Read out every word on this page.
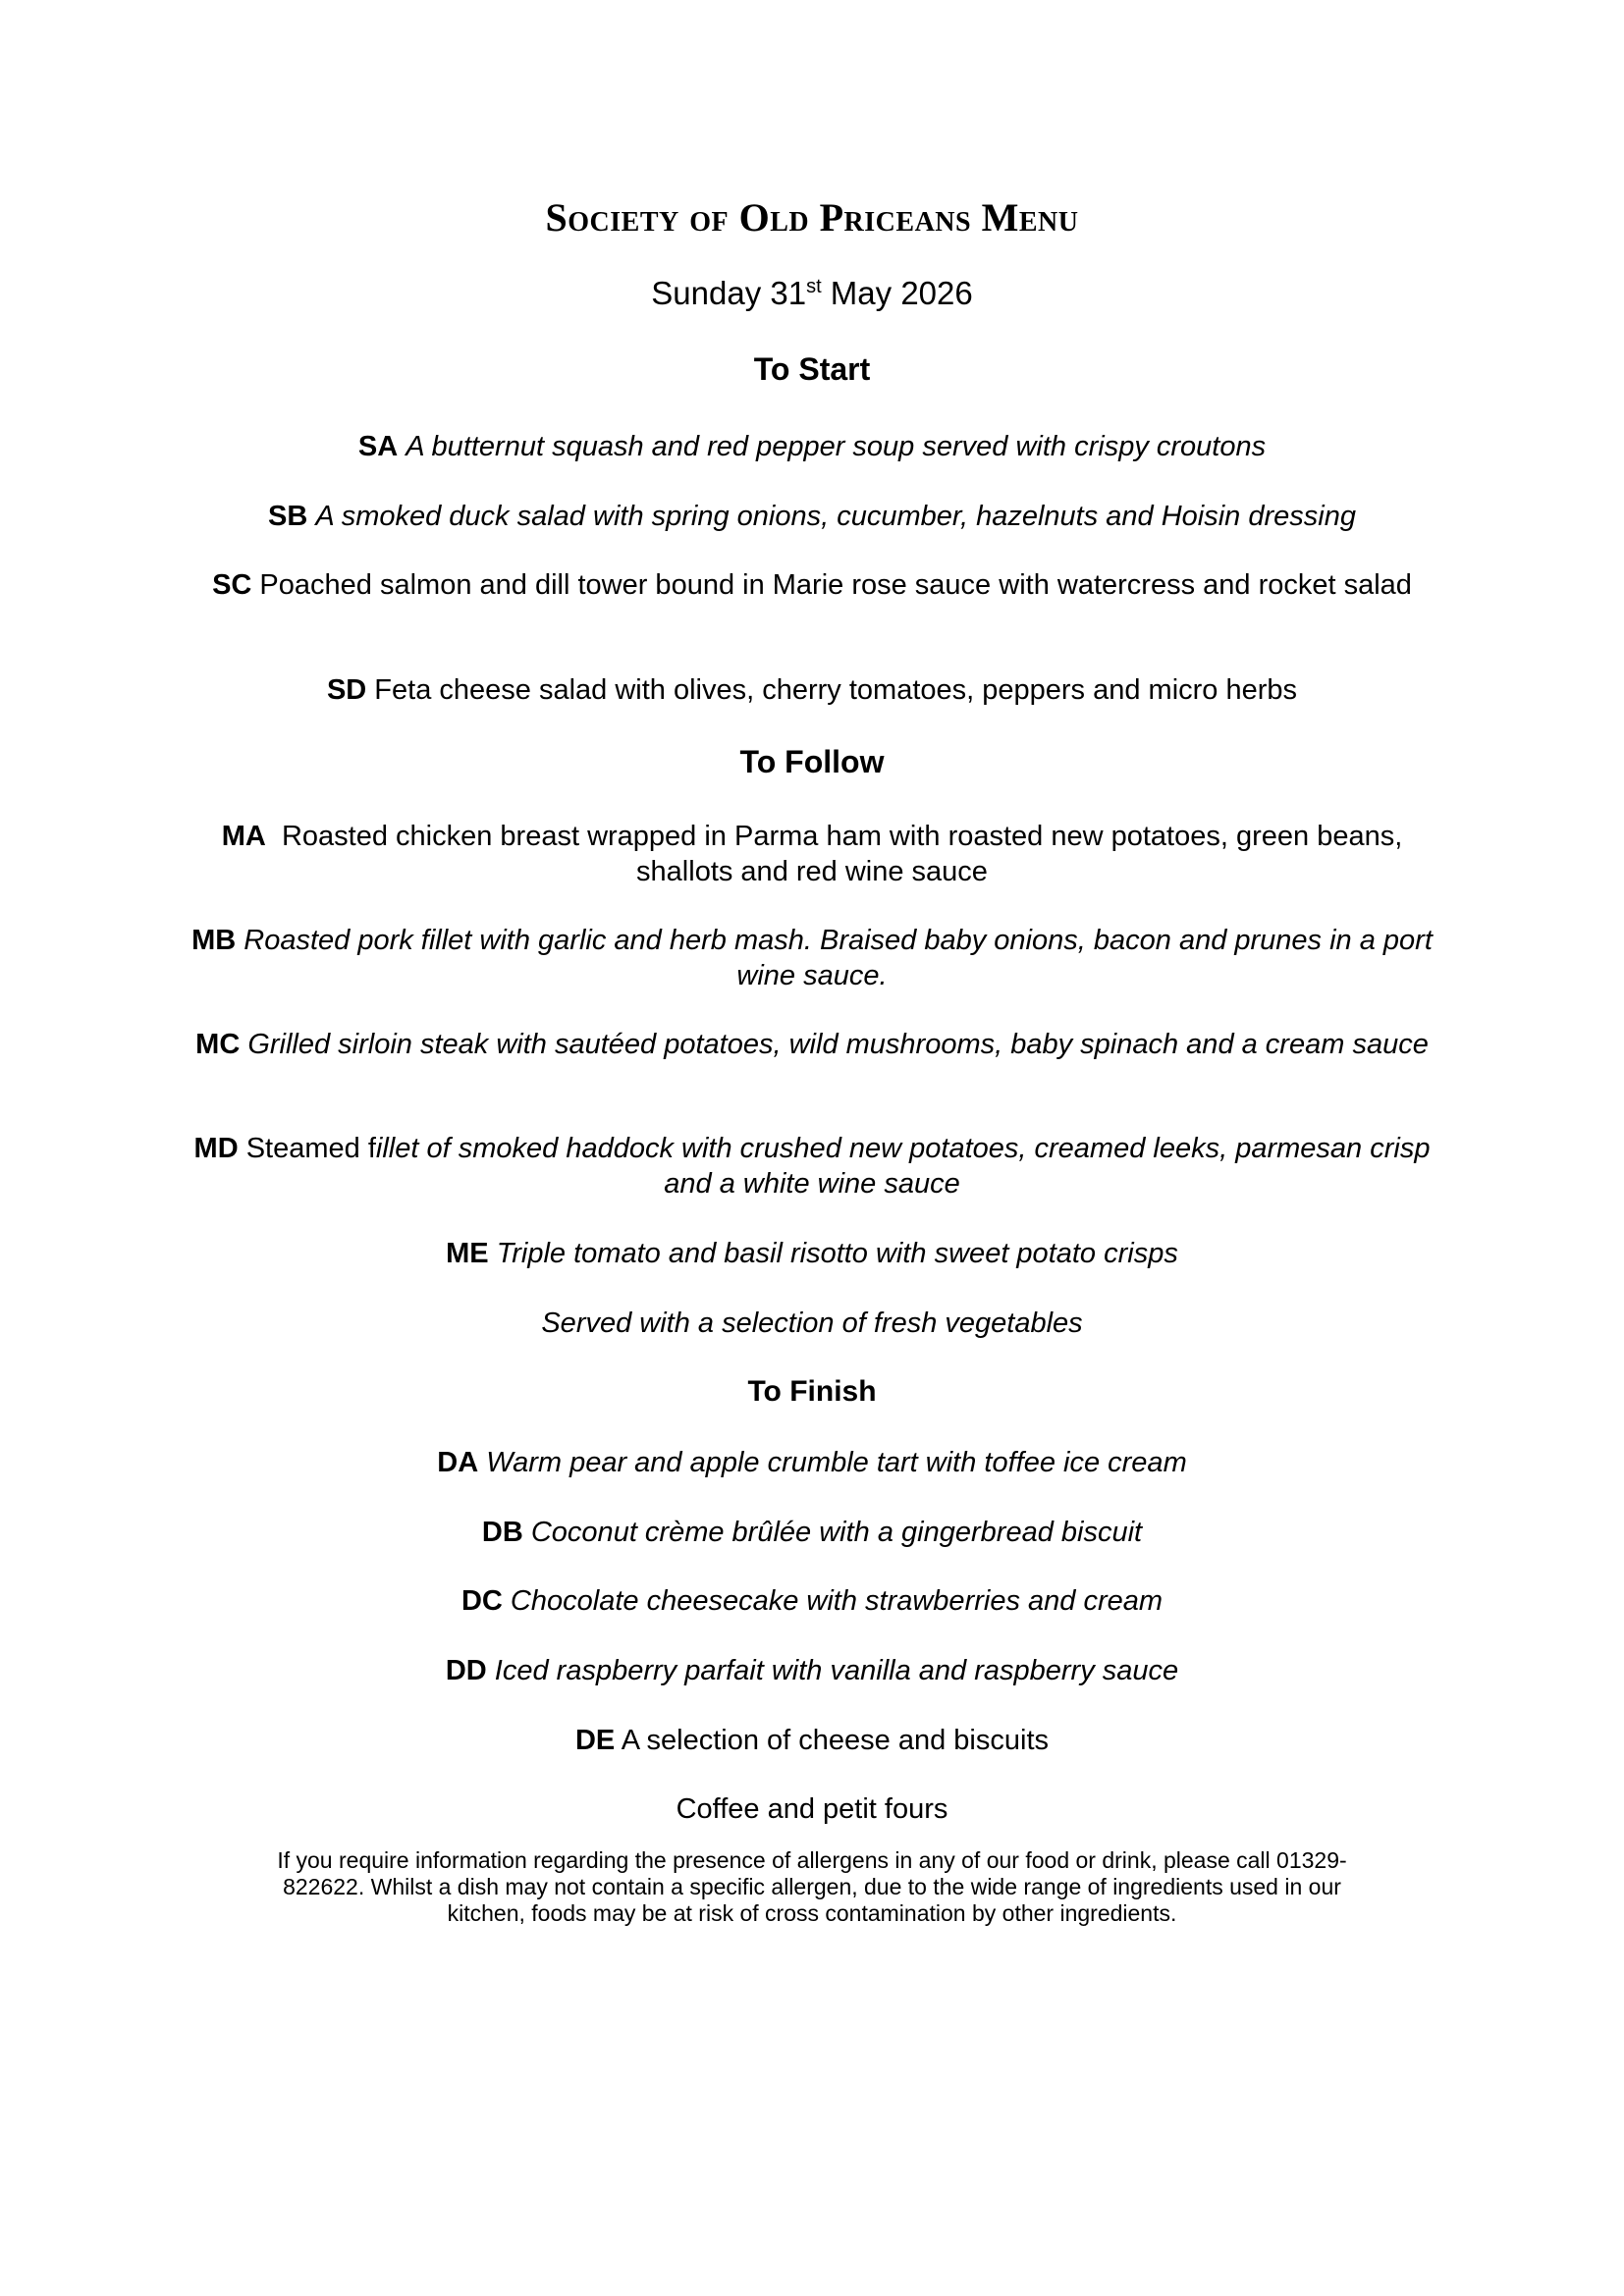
Society of Old Priceans Menu
Sunday 31st May 2026
To Start
SA A butternut squash and red pepper soup served with crispy croutons
SB A smoked duck salad with spring onions, cucumber, hazelnuts and Hoisin dressing
SC Poached salmon and dill tower bound in Marie rose sauce with watercress and rocket salad
SD Feta cheese salad with olives, cherry tomatoes, peppers and micro herbs
To Follow
MA Roasted chicken breast wrapped in Parma ham with roasted new potatoes, green beans, shallots and red wine sauce
MB Roasted pork fillet with garlic and herb mash. Braised baby onions, bacon and prunes in a port wine sauce.
MC Grilled sirloin steak with sautéed potatoes, wild mushrooms, baby spinach and a cream sauce
MD Steamed fillet of smoked haddock with crushed new potatoes, creamed leeks, parmesan crisp and a white wine sauce
ME Triple tomato and basil risotto with sweet potato crisps
Served with a selection of fresh vegetables
To Finish
DA Warm pear and apple crumble tart with toffee ice cream
DB Coconut crème brûlée with a gingerbread biscuit
DC Chocolate cheesecake with strawberries and cream
DD Iced raspberry parfait with vanilla and raspberry sauce
DE A selection of cheese and biscuits
Coffee and petit fours
If you require information regarding the presence of allergens in any of our food or drink, please call 01329-822622. Whilst a dish may not contain a specific allergen, due to the wide range of ingredients used in our kitchen, foods may be at risk of cross contamination by other ingredients.
